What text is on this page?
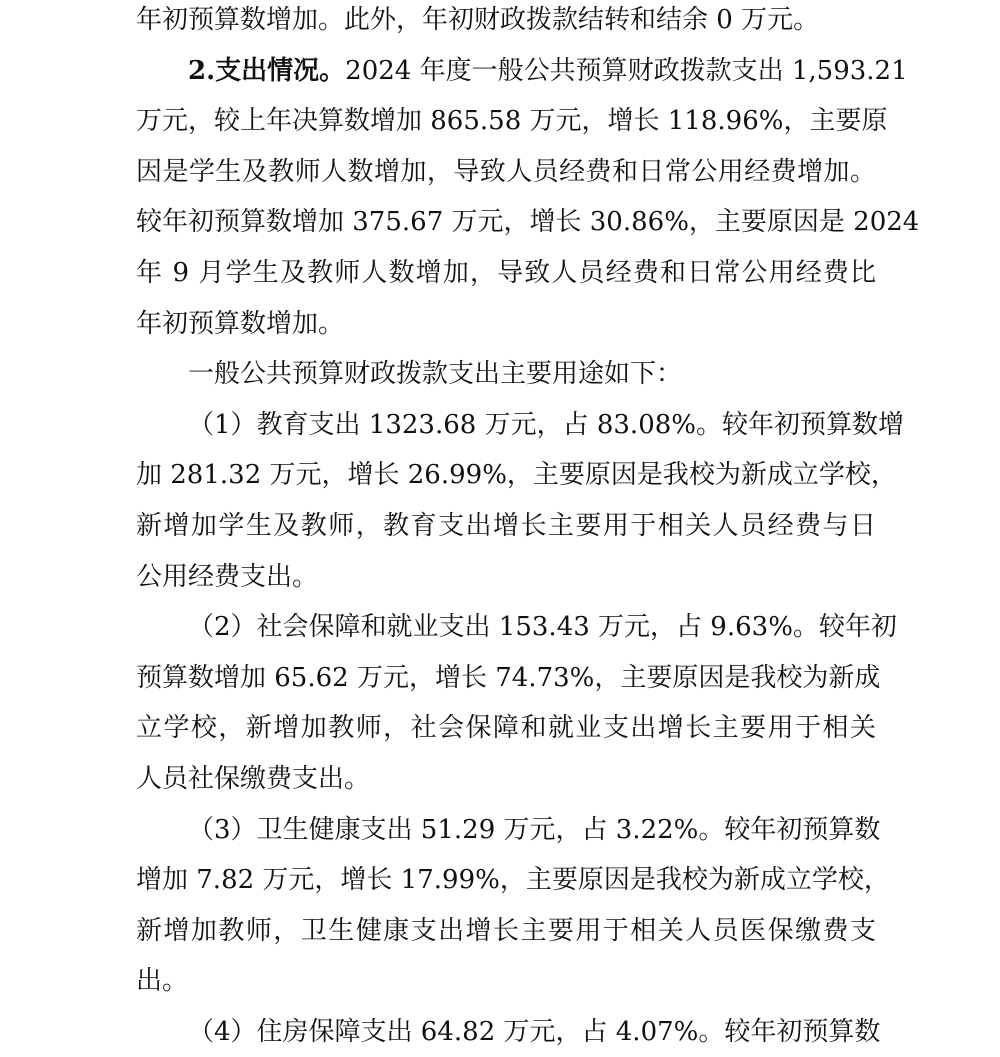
年初预算数增加。此外，年初财政拨款结转和结余 0 万元。
2.支出情况。2024 年度一般公共预算财政拨款支出 1,593.21
万元，较上年决算数增加 865.58 万元，增长 118.96%，主要原
因是学生及教师人数增加，导致人员经费和日常公用经费增加。
较年初预算数增加 375.67 万元，增长 30.86%，主要原因是 2024
年 9 月学生及教师人数增加，导致人员经费和日常公用经费比
年初预算数增加。
一般公共预算财政拨款支出主要用途如下：
（1）教育支出 1323.68 万元，占 83.08%。较年初预算数增
加 281.32 万元，增长 26.99%，主要原因是我校为新成立学校，
新增加学生及教师，教育支出增长主要用于相关人员经费与日
公用经费支出。
（2）社会保障和就业支出 153.43 万元，占 9.63%。较年初
预算数增加 65.62 万元，增长 74.73%，主要原因是我校为新成
立学校，新增加教师，社会保障和就业支出增长主要用于相关
人员社保缴费支出。
（3）卫生健康支出 51.29 万元，占 3.22%。较年初预算数
增加 7.82 万元，增长 17.99%，主要原因是我校为新成立学校，
新增加教师，卫生健康支出增长主要用于相关人员医保缴费支
出。
（4）住房保障支出 64.82 万元，占 4.07%。较年初预算数
